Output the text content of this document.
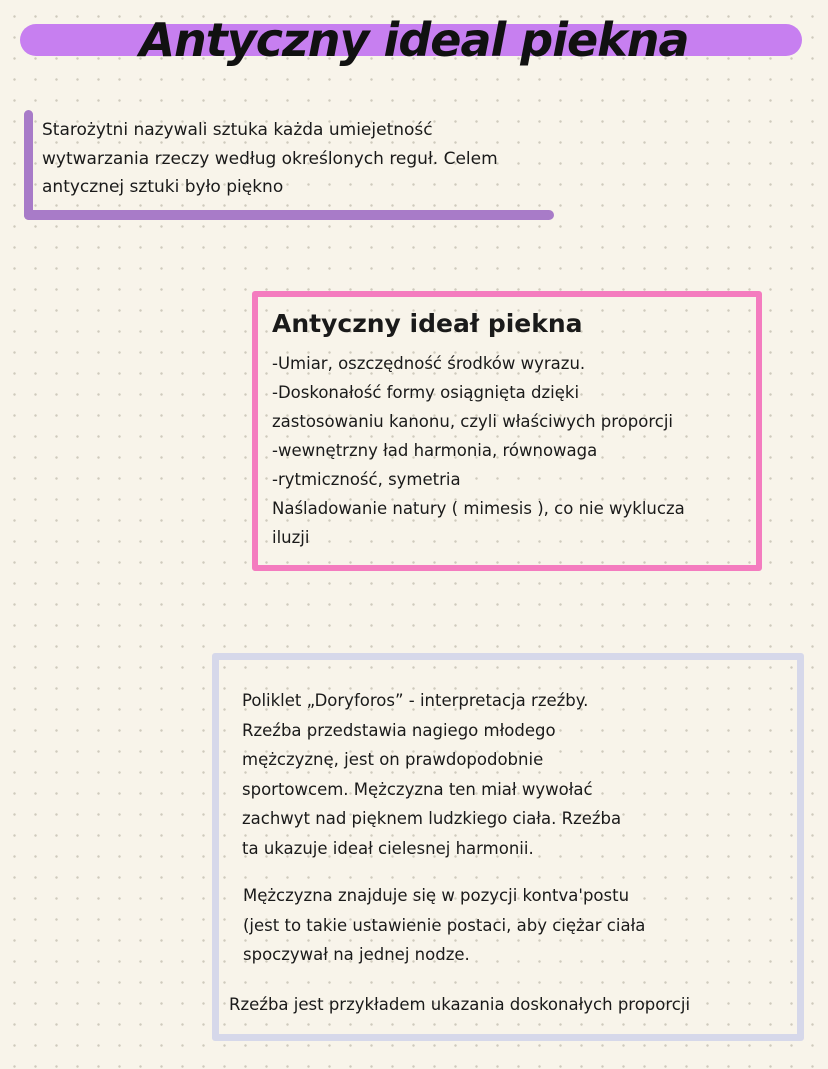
Antyczny ideal piekna

Starożytni nazywali sztuka każda umiejetność
wytwarzania rzeczy według określonych reguł. Celem
antycznej sztuki było piękno

Antyczny ideał piekna
-Umiar, oszczędność środków wyrazu.
-Doskonałość formy osiągnięta dzięki
zastosowaniu kanonu, czyli właściwych proporcji
-wewnętrzny ład harmonia, równowaga
-rytmiczność, symetria
Naśladowanie natury ( mimesis ), co nie wyklucza
iluzji

Poliklet „Doryforos” - interpretacja rzeźby.
Rzeźba przedstawia nagiego młodego
mężczyznę, jest on prawdopodobnie
sportowcem. Mężczyzna ten miał wywołać
zachwyt nad pięknem ludzkiego ciała. Rzeźba
ta ukazuje ideał cielesnej harmonii.

Mężczyzna znajduje się w pozycji kontva'postu
(jest to takie ustawienie postaci, aby ciężar ciała
spoczywał na jednej nodze.

Rzeźba jest przykładem ukazania doskonałych proporcji
